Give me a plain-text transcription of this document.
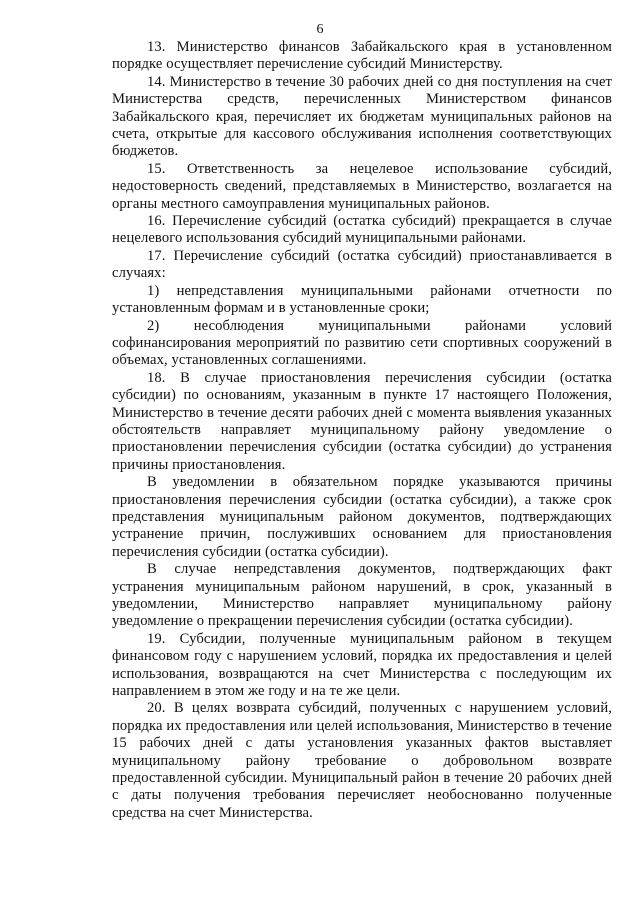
6

13. Министерство финансов Забайкальского края в установленном порядке осуществляет перечисление субсидий Министерству.

14. Министерство в течение 30 рабочих дней со дня поступления на счет Министерства средств, перечисленных Министерством финансов Забайкальского края, перечисляет их бюджетам муниципальных районов на счета, открытые для кассового обслуживания исполнения соответствующих бюджетов.

15. Ответственность за нецелевое использование субсидий, недостоверность сведений, представляемых в Министерство, возлагается на органы местного самоуправления муниципальных районов.

16. Перечисление субсидий (остатка субсидий) прекращается в случае нецелевого использования субсидий муниципальными районами.

17. Перечисление субсидий (остатка субсидий) приостанавливается в случаях:

1) непредставления муниципальными районами отчетности по установленным формам и в установленные сроки;

2) несоблюдения муниципальными районами условий софинансирования мероприятий по развитию сети спортивных сооружений в объемах, установленных соглашениями.

18. В случае приостановления перечисления субсидии (остатка субсидии) по основаниям, указанным в пункте 17 настоящего Положения, Министерство в течение десяти рабочих дней с момента выявления указанных обстоятельств направляет муниципальному району уведомление о приостановлении перечисления субсидии (остатка субсидии) до устранения причины приостановления.

В уведомлении в обязательном порядке указываются причины приостановления перечисления субсидии (остатка субсидии), а также срок представления муниципальным районом документов, подтверждающих устранение причин, послуживших основанием для приостановления перечисления субсидии (остатка субсидии).

В случае непредставления документов, подтверждающих факт устранения муниципальным районом нарушений, в срок, указанный в уведомлении, Министерство направляет муниципальному району уведомление о прекращении перечисления субсидии (остатка субсидии).

19. Субсидии, полученные муниципальным районом в текущем финансовом году с нарушением условий, порядка их предоставления и целей использования, возвращаются на счет Министерства с последующим их направлением в этом же году и на те же цели.

20. В целях возврата субсидий, полученных с нарушением условий, порядка их предоставления или целей использования, Министерство в течение 15 рабочих дней с даты установления указанных фактов выставляет муниципальному району требование о добровольном возврате предоставленной субсидии. Муниципальный район в течение 20 рабочих дней с даты получения требования перечисляет необоснованно полученные средства на счет Министерства.
